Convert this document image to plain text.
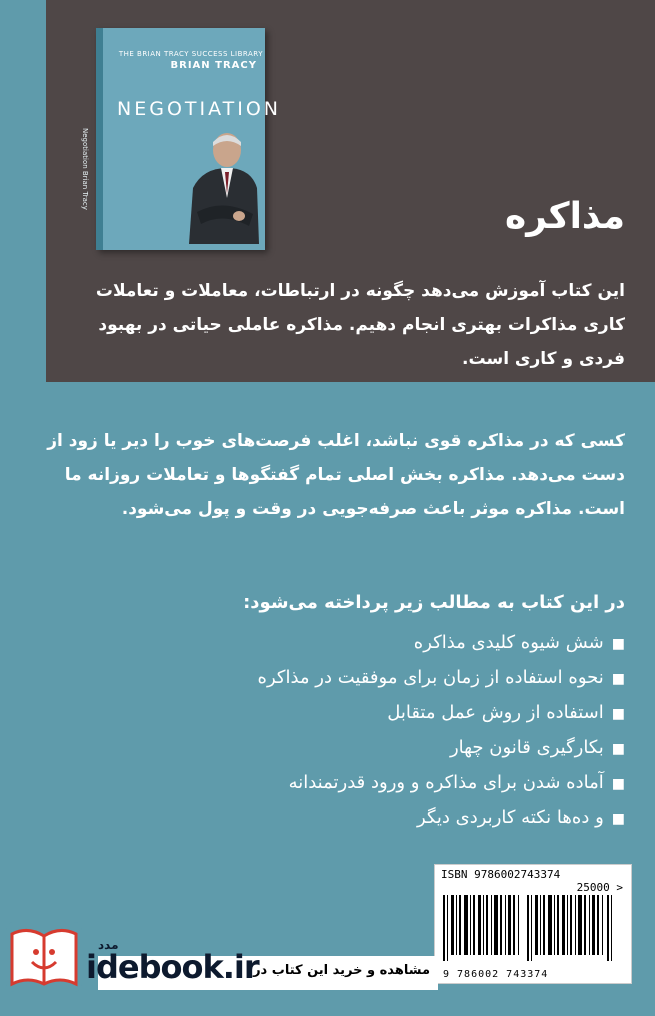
THE BRIAN TRACY SUCCESS LIBRARY
BRIAN TRACY
NEGOTIATION
Negotiation Brian Tracy
مذاکره

این کتاب آموزش می‌دهد چگونه در ارتباطات، معاملات و تعاملات کاری مذاکرات بهتری انجام دهیم. مذاکره عاملی حیاتی در بهبود فردی و کاری است.

کسی که در مذاکره قوی نباشد، اغلب فرصت‌های خوب را دیر یا زود از دست می‌دهد. مذاکره بخش اصلی تمام گفتگوها و تعاملات روزانه ما است. مذاکره موثر باعث صرفه‌جویی در وقت و پول می‌شود.

در این کتاب به مطالب زیر پرداخته می‌شود:
■شش شیوه کلیدی مذاکره
■نحوه استفاده از زمان برای موفقیت در مذاکره
■استفاده از روش عمل متقابل
■بکارگیری قانون چهار
■آماده شدن برای مذاکره و ورود قدرتمندانه
■و ده‌ها نکته کاربردی دیگر
ISBN 9786002743374
25000 >
9 786002 743374
مدد
مشاهده و خرید این کتاب در:
idebook.ir
